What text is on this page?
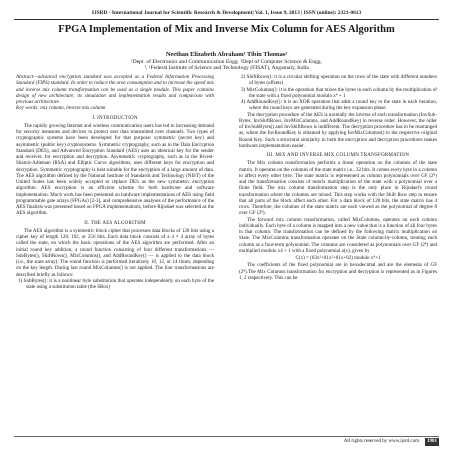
IJSRD - International Journal for Scientific Research & Development| Vol. 1, Issue 9, 2013 | ISSN (online): 2321-0613
FPGA Implementation of Mix and Inverse Mix Column for AES Algorithm
Neethan Elizabeth Abraham¹ Tibin Thomas²
¹Dept. of Electronics and Communication Engg. ²Dept of Computer Science & Engg.
¹, ²Federal Institute of Science and Technology (FISAT), Angamaly, India

Abstract—advanced encryption standard was accepted as a Federal Information Processing Standard (FIPS) standard. In order to reduce the area consumption and to increase the speed mix and inverse mix column transformation can be used as a single module. This paper contains design of new architecture, its simulation and implementation results and comparison with previous architecture.

Key words: mix column, inverse mix column

I. INTRODUCTION

The rapidly growing Internet and wireless communication users has led to increasing demand for security measures and devices to protect user data transmitted over channels. Two types of cryptographic systems have been developed for that purpose: symmetric (secret key) and asymmetric (public key) cryptosystems. Symmetric cryptography, such as in the Data Encryption Standard (DES), and Advanced Encryption Standard (AES) uses an identical key for the sender and receiver, for encryption and decryption. Asymmetric cryptography, such as in the Rivest-Shamir-Adleman (RSA) and Elliptic Curve algorithms, uses different keys for encryption and decryption. Symmetric cryptography is best suitable for the encryption of a large amount of data. The AES algorithm defined by the National Institute of Standards and Technology (NIST) of the United States has been widely accepted to replace DES as the new symmetric encryption algorithm. AES encryption is an efficient scheme for both hardware and software implementation. Much work has been presented on hardware implementations of AES using field programmable gate arrays (FPGAs) [2-3], and comprehensive analyses of the performance of the AES finalists was presented based on FPGA implementations, before Rijndael was selected as the AES algorithm.

II. THE AES ALGORITHM

The AES algorithm is a symmetric block cipher that processes data blocks of 128 bits using a cipher key of length 128, 192, or 256 bits. Each data block consists of a 4 × 4 array of bytes called the state, on which the basic operations of the AES algorithm are performed. After an initial round key addition, a round function consisting of four different transformations — SubBytes(), ShiftRows(), MixColumns(), and AddRoundKey() — is applied to the data block (i.e., the state array). The round function is performed iteratively 10, 12, or 14 times, depending on the key length. During last round MixColumns() is not applied. The four transformations are described briefly as follows:

1) SubBytes(): it is a nonlinear byte substitution that operates independently on each byte of the state using a substitution table (the SBox)

2) ShiftRows(): it is a circular shifting operation on the rows of the state with different numbers of bytes (offsets)

3) MixColumns(): it is the operation that mixes the bytes in each column by the multiplication of the state with a fixed polynomial modulo x⁴ + 1

4) AddRoundKey(): it is an XOR operation that adds a round key to the state in each iteration, where the round keys are generated during the key expansion phase.

The decryption procedure of the AES is normally the inverse of each transformation (InvSub-Bytes, InvShiftRows, InvMixColumns, and AddRoundKey) in reverse order. However, the order of InvSubBytes() and InvShiftRows is indifferent. The decryption procedure has to be rearranged as, where the InvRoundKey is obtained by applying InvMixColumns() to the respective original Round Key. Such a structural similarity in both the encryption and decryption procedures makes hardware implementation easier.

III. MIX AND INVERSE MIX COLUMN TRANSFORMATION

The Mix column transformation performs a linear operation on the columns of the state matrix. It operates on the columns of the state matrix i.e., 32 bits. It comes every byte in a column to affect every other byte. The state matrix is represented as column polynomials over GF (2⁸) and the transformation consists of matrix multiplication of the state with a polynomial over a finite field. The mix column transformation step is the only place in Rijndael's round transformation where the columns are mixed. This step works with the Shift Row step to ensure that all parts of the block affect each other. For a data block of 128 bits, the state matrix has 4 rows. Therefore, the columns of the state matrix are each viewed as the polynomial of degree 8 over GF (2⁸).

The forward mix column transformation, called MixColumns, operates on each column individually. Each byte of a column is mapped into a new value that is a function of all four bytes in that column. The transformation can be defined by the following matrix multiplication on State. The MixColumns transformation operates on the State column-by-column, treating each column as a four-term polynomial. The columns are considered as polynomials over GF (2⁸) and multiplied modulo x4 + 1 with a fixed polynomial a(x), given by

C(x) = (03x³+01x²+01x+02) modulo x⁴+1

The coefficients of the fixed polynomial are in hexadecimal and are the elements of GF (2⁸).The Mix Columns transformation for encryption and decryption is represented as in Figures 1, 2 respectively. This can be

All rights reserved by www.ijsrd.com	1981
